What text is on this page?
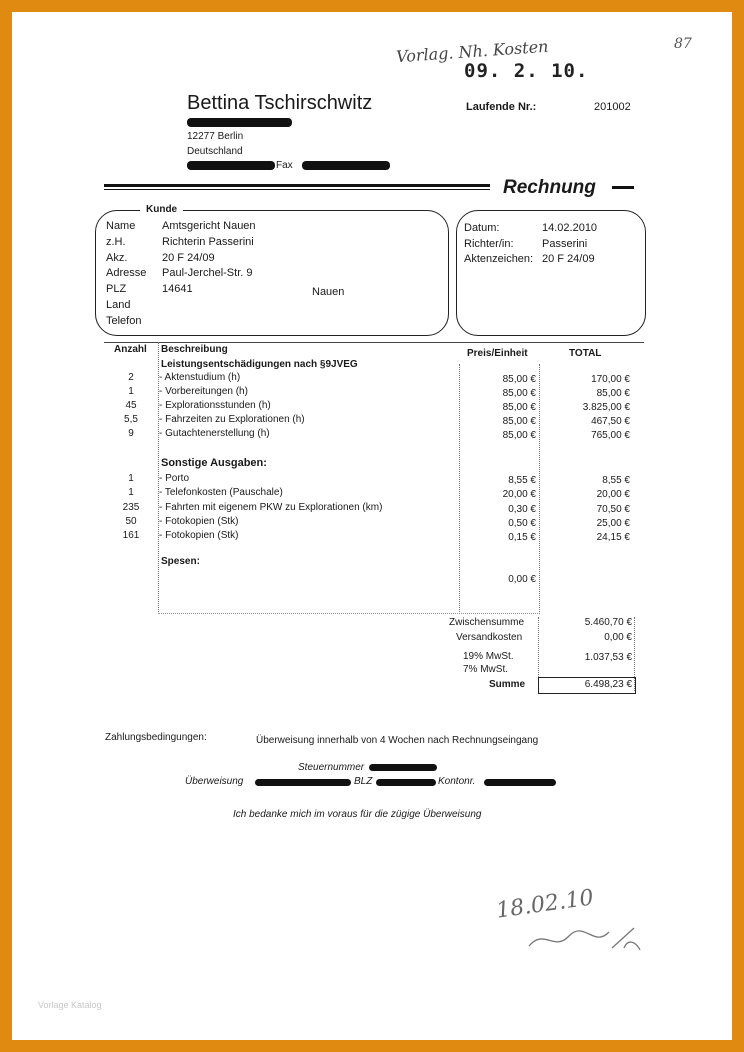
Vorlag. Nh. Kosten	87
09. 2. 10.
Bettina Tschirschwitz
12277 Berlin
Deutschland
Fax
Laufende Nr.:	201002
Rechnung
Kunde
Name Amtsgericht Nauen
z.H.	Richterin Passerini
Akz.	20 F 24/09
Adresse Paul-Jerchel-Str. 9
PLZ	14641
Land
Telefon
Nauen
Datum:	14.02.2010
Richter/in:	Passerini
Aktenzeichen: 20 F 24/09
Anzahl Beschreibung	Preis/Einheit	TOTAL
Leistungsentschädigungen nach §9JVEG
2	- Aktenstudium (h)	85,00 €	170,00 €
1	- Vorbereitungen (h)	85,00 €	85,00 €
45	- Explorationsstunden (h)	85,00 €	3.825,00 €
5,5	- Fahrzeiten zu Explorationen (h)	85,00 €	467,50 €
9	- Gutachtenerstellung (h)	85,00 €	765,00 €
Sonstige Ausgaben:
1	- Porto	8,55 €	8,55 €
1	- Telefonkosten (Pauschale)	20,00 €	20,00 €
235	- Fahrten mit eigenem PKW zu Explorationen (km)	0,30 €	70,50 €
50	- Fotokopien (Stk)	0,50 €	25,00 €
161	- Fotokopien (Stk)	0,15 €	24,15 €
Spesen:
0,00 €
Zwischensumme	5.460,70 €
Versandkosten	0,00 €
19% MwSt.	1.037,53 €
7% MwSt.
Summe	6.498,23 €
Zahlungsbedingungen:	Überweisung innerhalb von 4 Wochen nach Rechnungseingang
Steuernummer
Überweisung	BLZ	Kontonr.
Ich bedanke mich im voraus für die zügige Überweisung
18.02.10
Vorlage Katalog
